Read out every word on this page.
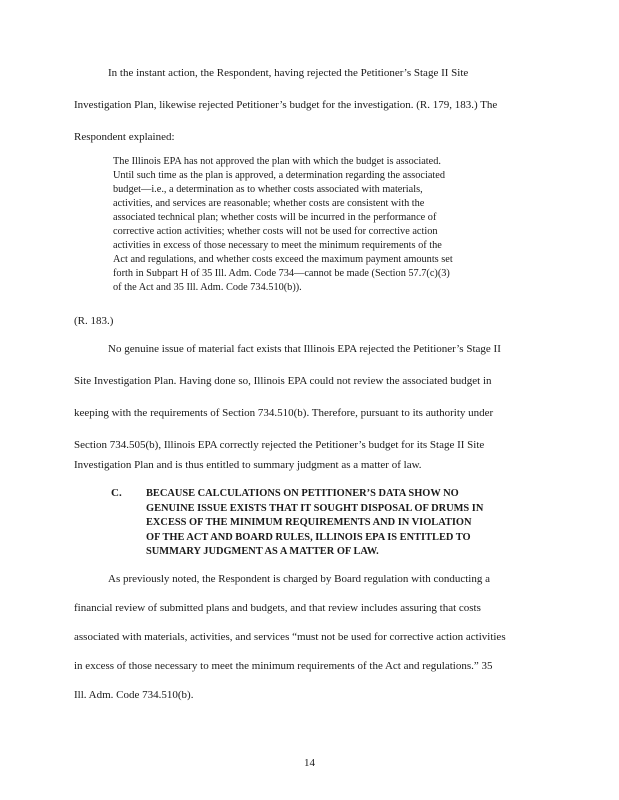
In the instant action, the Respondent, having rejected the Petitioner’s Stage II Site
Investigation Plan, likewise rejected Petitioner’s budget for the investigation. (R. 179, 183.) The
Respondent explained:
The Illinois EPA has not approved the plan with which the budget is associated.
Until such time as the plan is approved, a determination regarding the associated
budget—i.e., a determination as to whether costs associated with materials,
activities, and services are reasonable; whether costs are consistent with the
associated technical plan; whether costs will be incurred in the performance of
corrective action activities; whether costs will not be used for corrective action
activities in excess of those necessary to meet the minimum requirements of the
Act and regulations, and whether costs exceed the maximum payment amounts set
forth in Subpart H of 35 Ill. Adm. Code 734—cannot be made (Section 57.7(c)(3)
of the Act and 35 Ill. Adm. Code 734.510(b)).
(R. 183.)
No genuine issue of material fact exists that Illinois EPA rejected the Petitioner’s Stage II
Site Investigation Plan. Having done so, Illinois EPA could not review the associated budget in
keeping with the requirements of Section 734.510(b). Therefore, pursuant to its authority under
Section 734.505(b), Illinois EPA correctly rejected the Petitioner’s budget for its Stage II Site
Investigation Plan and is thus entitled to summary judgment as a matter of law.
C. BECAUSE CALCULATIONS ON PETITIONER’S DATA SHOW NO
GENUINE ISSUE EXISTS THAT IT SOUGHT DISPOSAL OF DRUMS IN
EXCESS OF THE MINIMUM REQUIREMENTS AND IN VIOLATION
OF THE ACT AND BOARD RULES, ILLINOIS EPA IS ENTITLED TO
SUMMARY JUDGMENT AS A MATTER OF LAW.
As previously noted, the Respondent is charged by Board regulation with conducting a
financial review of submitted plans and budgets, and that review includes assuring that costs
associated with materials, activities, and services “must not be used for corrective action activities
in excess of those necessary to meet the minimum requirements of the Act and regulations.” 35
Ill. Adm. Code 734.510(b).
14
